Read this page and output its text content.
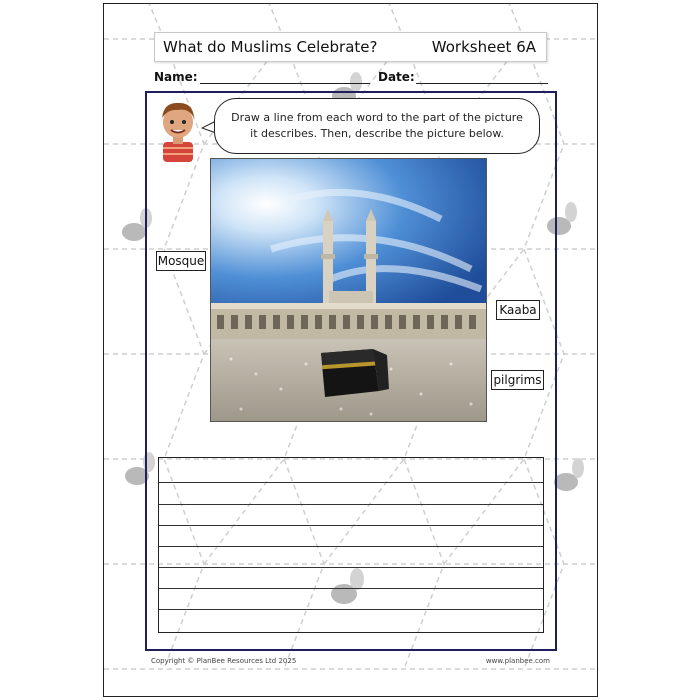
What do Muslims Celebrate?	Worksheet 6A
Name:	Date:
Draw a line from each word to the part of the picture it describes. Then, describe the picture below.
Mosque
Kaaba
pilgrims
Copyright © PlanBee Resources Ltd 2025	www.planbee.com
